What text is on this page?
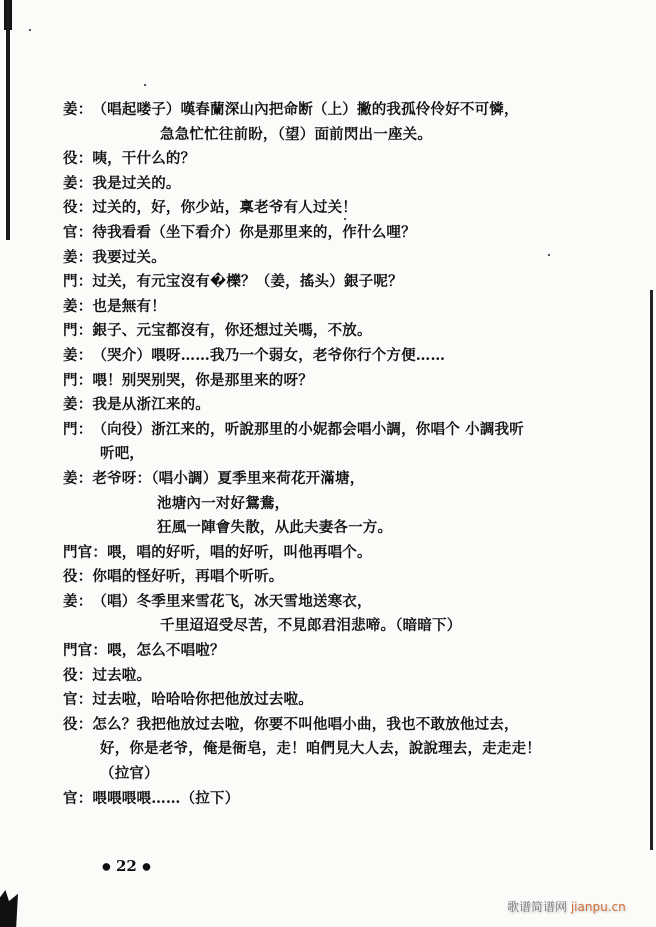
姜：（唱起喽子）嘆春蘭深山內把命断（上）撇的我孤伶伶好不可憐，
急急忙忙往前盼，（望）面前閃出一座关。
役：咦，干什么的？
姜：我是过关的。
役：过关的，好，你少站，稟老爷有人过关！
官：待我看看（坐下看介）你是那里来的，作什么哩？
姜：我要过关。
門：过关，有元宝沒有�櫟？（姜，搖头）銀子呢？
姜：也是無有！
門：銀子、元宝都沒有，你还想过关嗎，不放。
姜：（哭介）喂呀……我乃一个弱女，老爷你行个方便……
門：喂！别哭别哭，你是那里来的呀？
姜：我是从浙江来的。
門：（向役）浙江来的，听說那里的小妮都会唱小調，你唱个 小調我听
听吧，
姜：老爷呀：（唱小調）夏季里来荷花开滿塘，
池塘內一对好鴛鴦，
狂風一陣會失散，从此夫妻各一方。
門官：喂，唱的好听，唱的好听，叫他再唱个。
役：你唱的怪好听，再唱个听听。
姜：（唱）冬季里来雪花飞，冰天雪地送寒衣，
千里迢迢受尽苦，不見郎君泪悲啼。（暗暗下）
門官：喂，怎么不唱啦？
役：过去啦。
官：过去啦，哈哈哈你把他放过去啦。
役：怎么？我把他放过去啦，你要不叫他唱小曲，我也不敢放他过去，
好，你是老爷，俺是衙皂，走！咱們見大人去，說說理去，走走走！
（拉官）
官：喂喂喂喂……（拉下）
● 22 ●
歌谱简谱网 jianpu.cn
